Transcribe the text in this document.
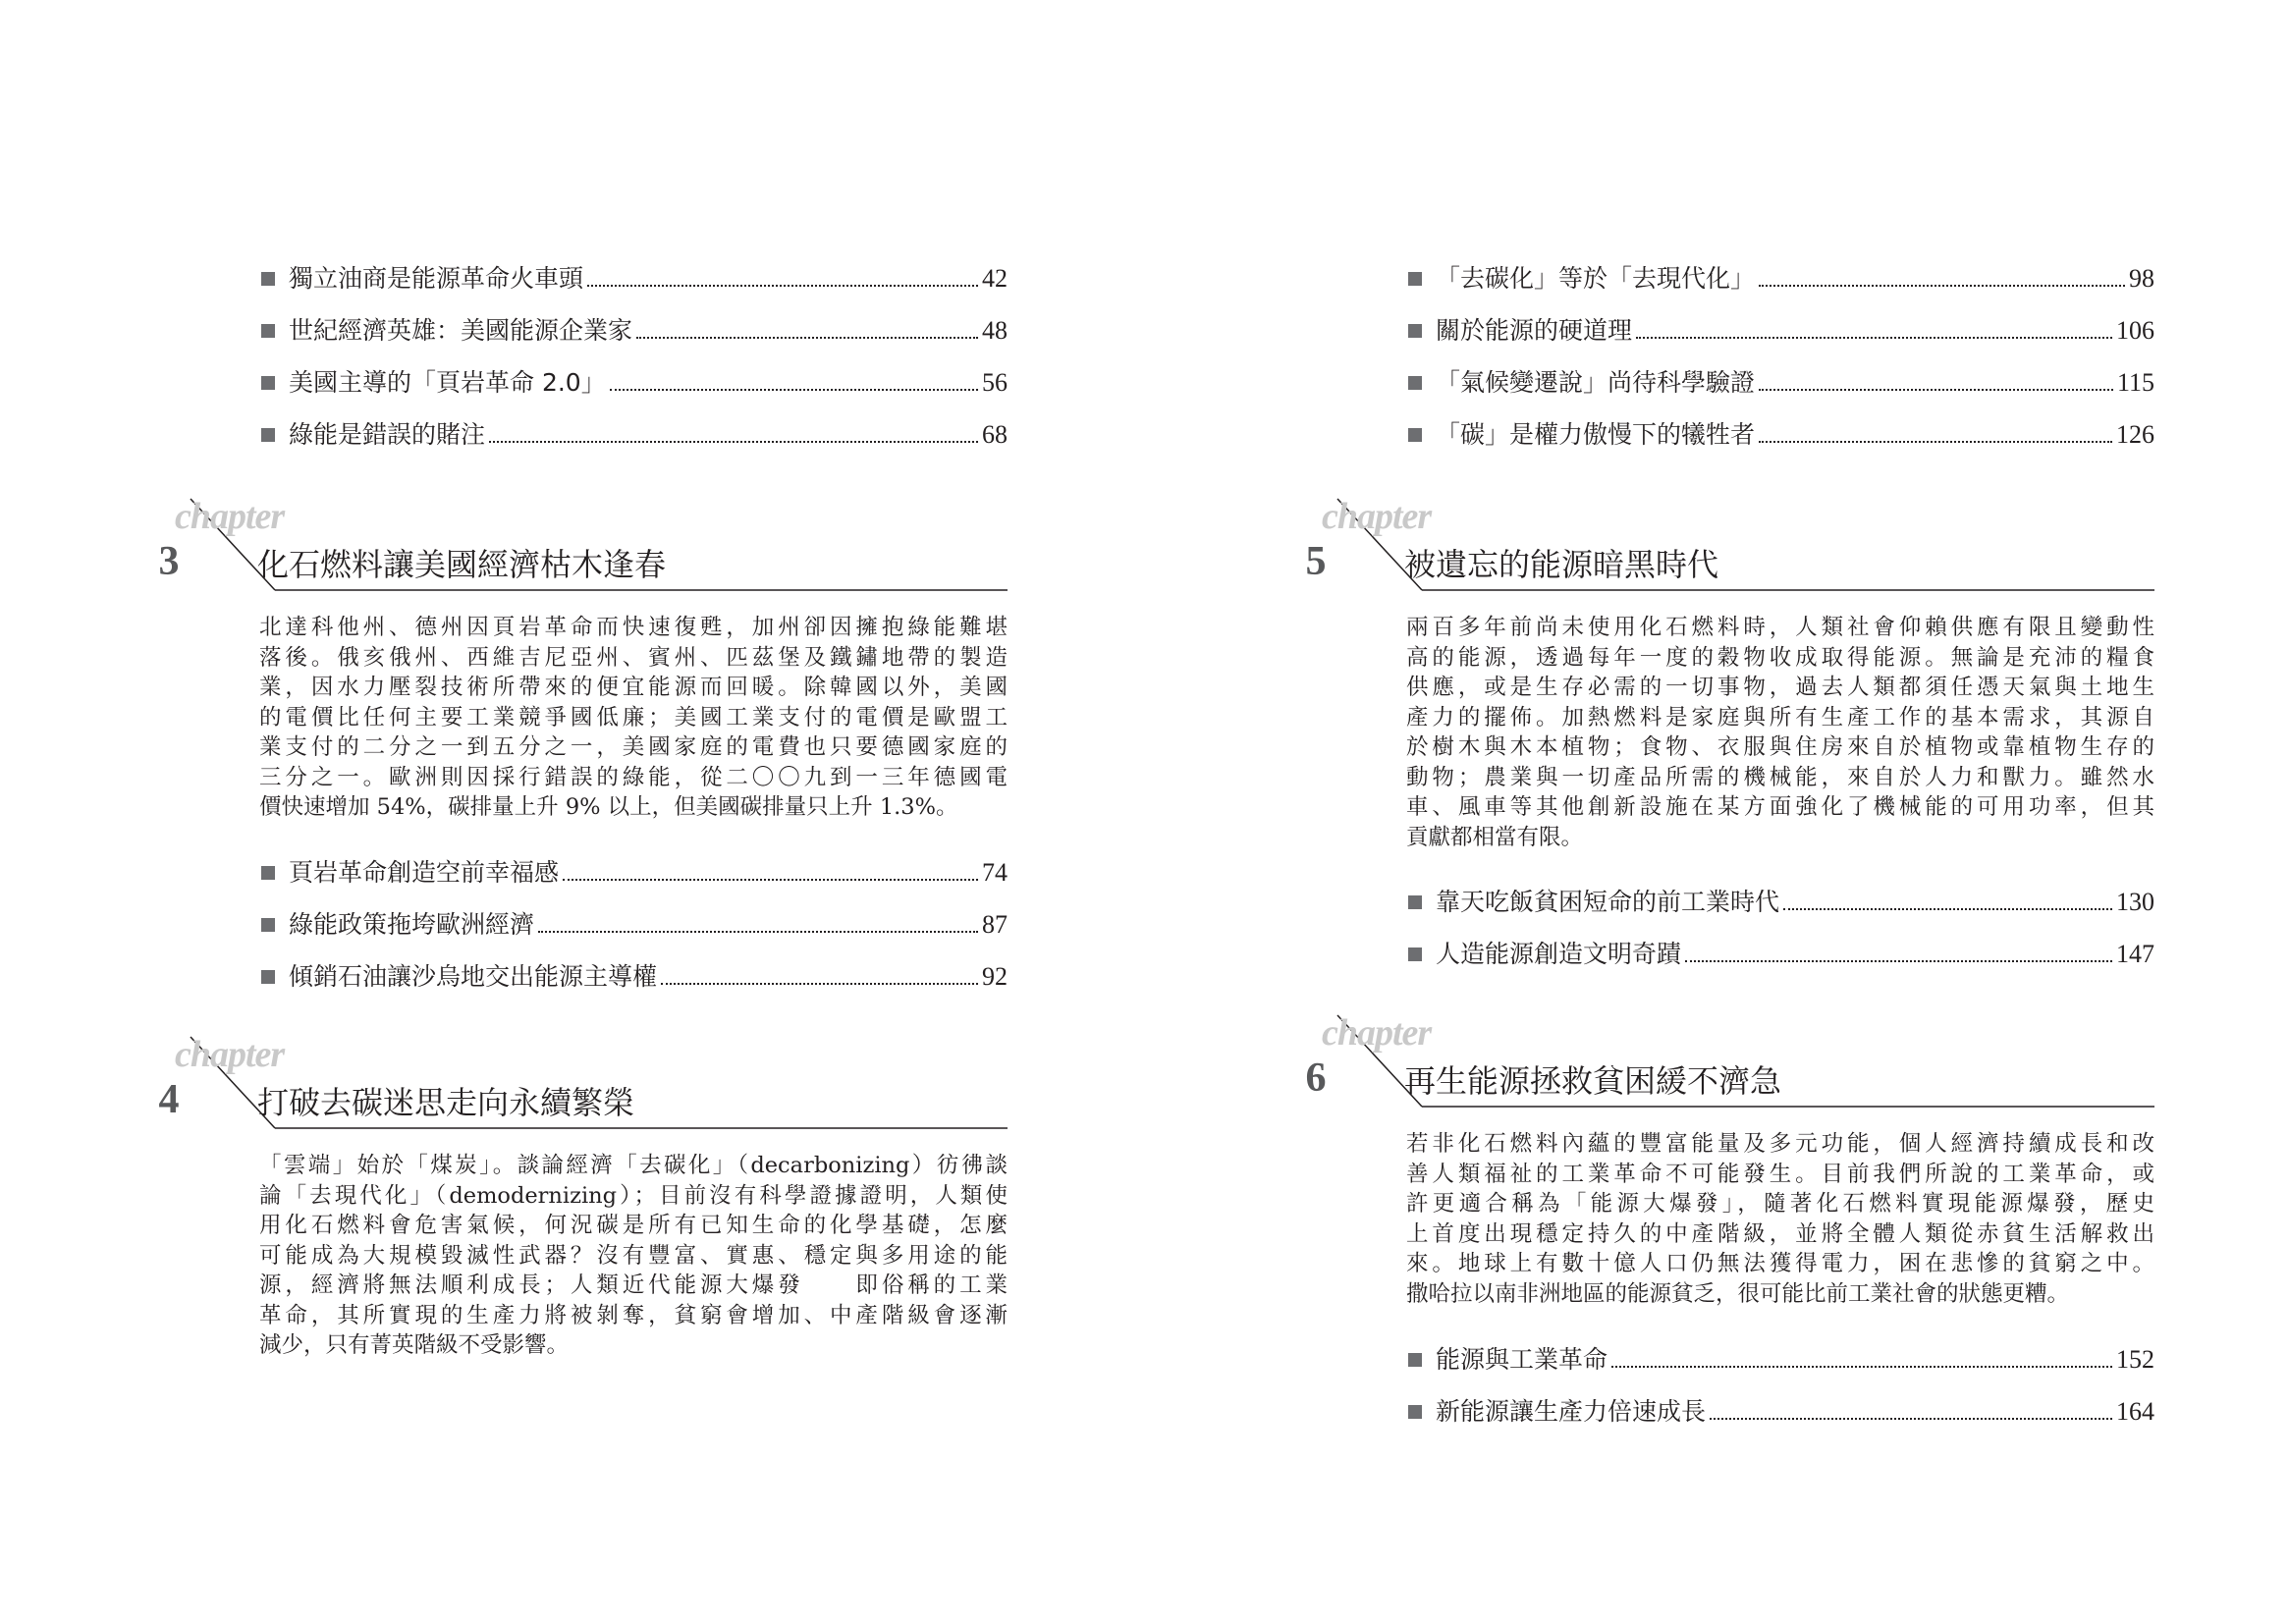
獨立油商是能源革命火車頭	42
世紀經濟英雄：美國能源企業家	48
美國主導的「頁岩革命 2.0」	56
綠能是錯誤的賭注	68
chapter
3 化石燃料讓美國經濟枯木逢春
北達科他州、德州因頁岩革命而快速復甦，加州卻因擁抱綠能難堪
落後。俄亥俄州、西維吉尼亞州、賓州、匹茲堡及鐵鏽地帶的製造
業，因水力壓裂技術所帶來的便宜能源而回暖。除韓國以外，美國
的電價比任何主要工業競爭國低廉；美國工業支付的電價是歐盟工
業支付的二分之一到五分之一，美國家庭的電費也只要德國家庭的
三分之一。歐洲則因採行錯誤的綠能，從二〇〇九到一三年德國電
價快速增加 54%，碳排量上升 9% 以上，但美國碳排量只上升 1.3%。
頁岩革命創造空前幸福感	74
綠能政策拖垮歐洲經濟	87
傾銷石油讓沙烏地交出能源主導權	92
chapter
4 打破去碳迷思走向永續繁榮
「雲端」始於「煤炭」。談論經濟「去碳化」（decarbonizing）彷彿談
論「去現代化」（demodernizing）；目前沒有科學證據證明，人類使
用化石燃料會危害氣候，何況碳是所有已知生命的化學基礎，怎麼
可能成為大規模毀滅性武器？沒有豐富、實惠、穩定與多用途的能
源，經濟將無法順利成長；人類近代能源大爆發　　即俗稱的工業
革命，其所實現的生產力將被剝奪，貧窮會增加、中產階級會逐漸
減少，只有菁英階級不受影響。
「去碳化」等於「去現代化」	98
關於能源的硬道理	106
「氣候變遷說」尚待科學驗證	115
「碳」是權力傲慢下的犧牲者	126
chapter
5 被遺忘的能源暗黑時代
兩百多年前尚未使用化石燃料時，人類社會仰賴供應有限且變動性
高的能源，透過每年一度的穀物收成取得能源。無論是充沛的糧食
供應，或是生存必需的一切事物，過去人類都須任憑天氣與土地生
產力的擺佈。加熱燃料是家庭與所有生產工作的基本需求，其源自
於樹木與木本植物；食物、衣服與住房來自於植物或靠植物生存的
動物；農業與一切產品所需的機械能，來自於人力和獸力。雖然水
車、風車等其他創新設施在某方面強化了機械能的可用功率，但其
貢獻都相當有限。
靠天吃飯貧困短命的前工業時代	130
人造能源創造文明奇蹟	147
chapter
6 再生能源拯救貧困緩不濟急
若非化石燃料內蘊的豐富能量及多元功能，個人經濟持續成長和改
善人類福祉的工業革命不可能發生。目前我們所說的工業革命，或
許更適合稱為「能源大爆發」，隨著化石燃料實現能源爆發，歷史
上首度出現穩定持久的中產階級，並將全體人類從赤貧生活解救出
來。地球上有數十億人口仍無法獲得電力，困在悲慘的貧窮之中。
撒哈拉以南非洲地區的能源貧乏，很可能比前工業社會的狀態更糟。
能源與工業革命	152
新能源讓生產力倍速成長	164
